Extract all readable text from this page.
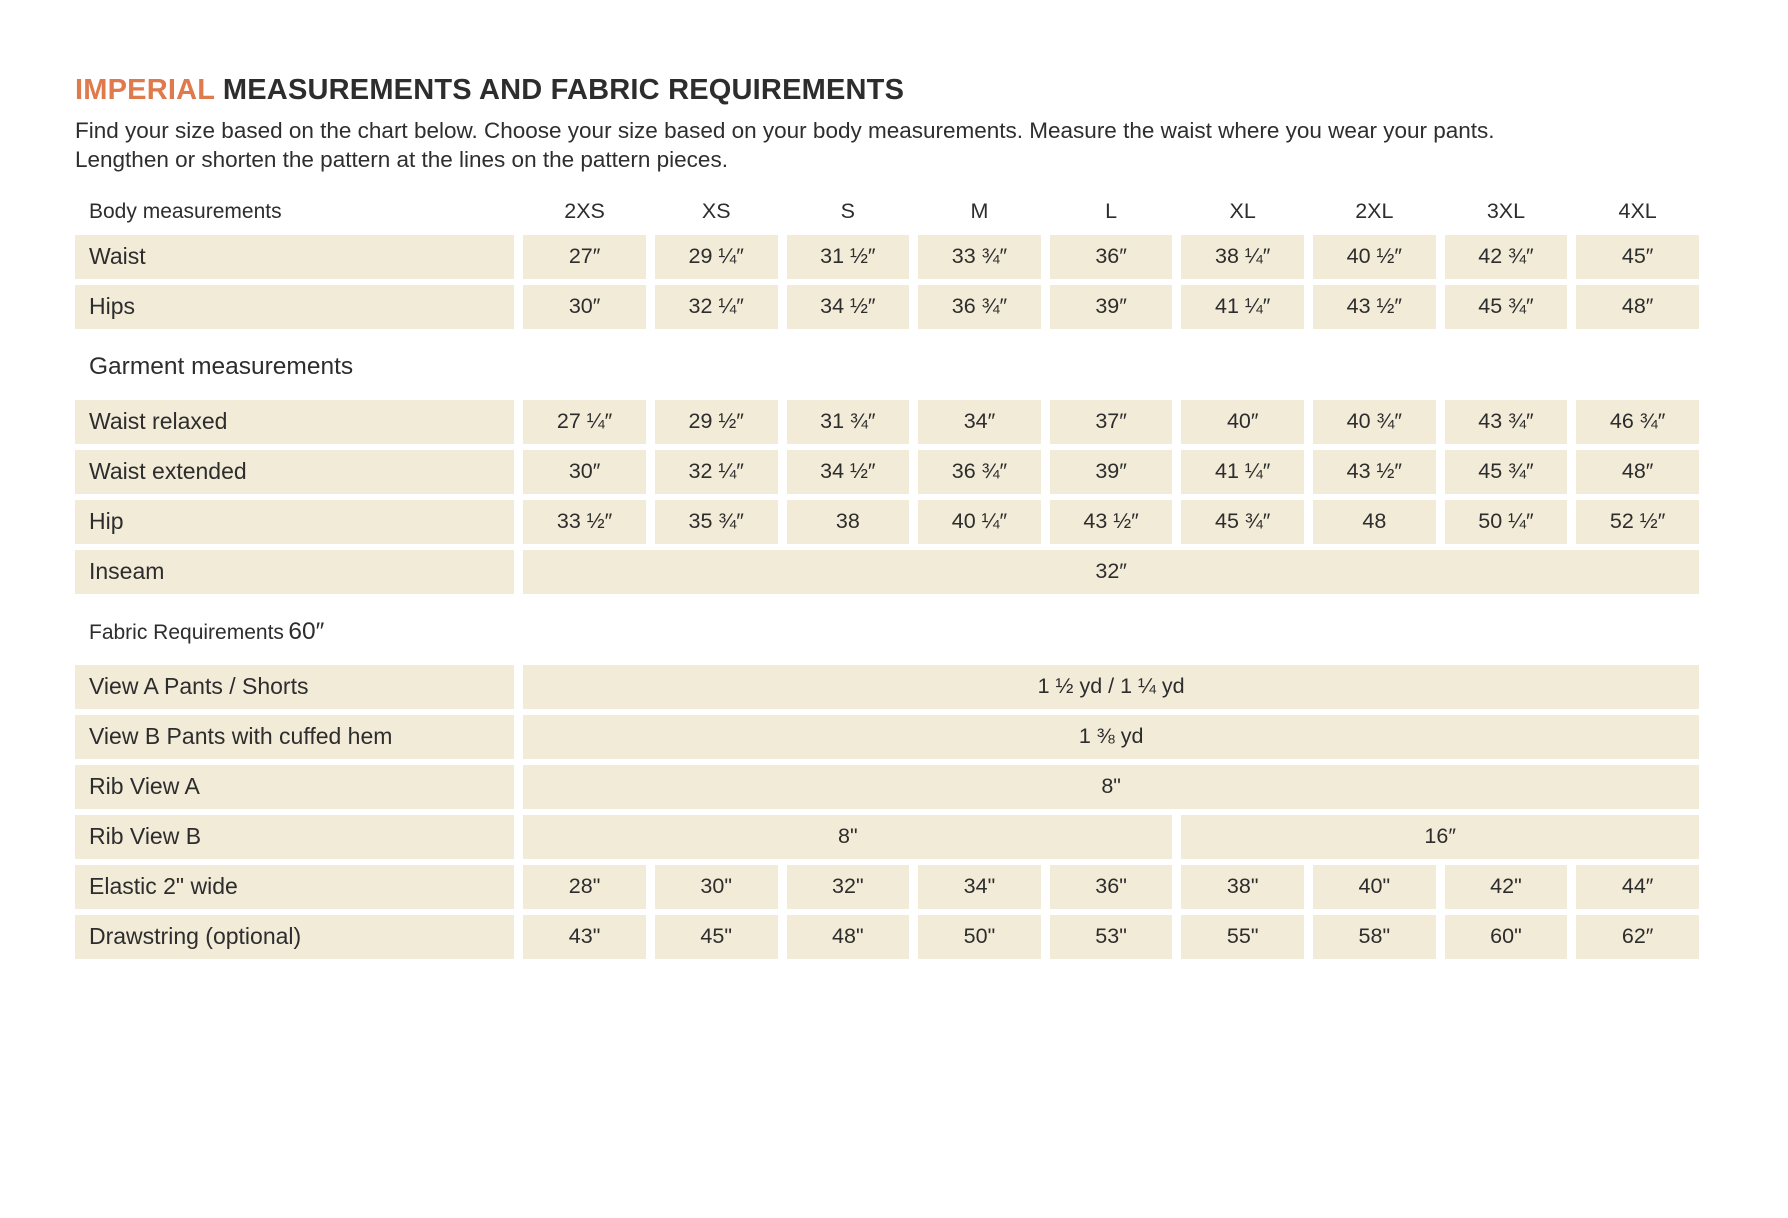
IMPERIAL MEASUREMENTS AND FABRIC REQUIREMENTS

Find your size based on the chart below. Choose your size based on your body measurements. Measure the waist where you wear your pants. Lengthen or shorten the pattern at the lines on the pattern pieces.

Body measurements	2XS	XS	S	M	L	XL	2XL	3XL	4XL
Waist	27″	29 ¼″	31 ½″	33 ¾″	36″	38 ¼″	40 ½″	42 ¾″	45″
Hips	30″	32 ¼″	34 ½″	36 ¾″	39″	41 ¼″	43 ½″	45 ¾″	48″
Garment measurements									
Waist relaxed	27 ¼″	29 ½″	31 ¾″	34″	37″	40″	40 ¾″	43 ¾″	46 ¾″
Waist extended	30″	32 ¼″	34 ½″	36 ¾″	39″	41 ¼″	43 ½″	45 ¾″	48″
Hip	33 ½″	35 ¾″	38	40 ¼″	43 ½″	45 ¾″	48	50 ¼″	52 ½″
Inseam	32″								
Fabric Requirements 60″									
View A Pants / Shorts	1 ½ yd / 1 ¼ yd								
View B Pants with cuffed hem	1 ⅜ yd								
Rib View A	8"								
Rib View B	8"					16″			
Elastic 2" wide	28"	30"	32"	34"	36"	38"	40"	42"	44″
Drawstring (optional)	43"	45"	48"	50"	53"	55"	58"	60"	62″
